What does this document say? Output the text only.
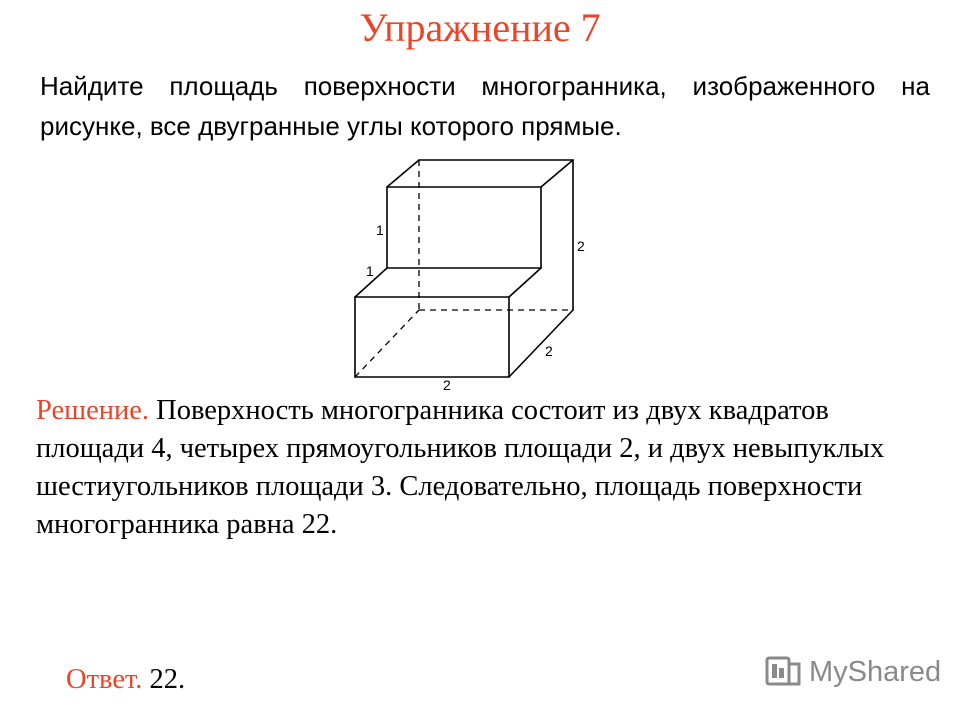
Упражнение 7
Найдите площадь поверхности многогранника, изображенного на рисунке, все двугранные углы которого прямые.
1
1
2
2
2
Решение. Поверхность многогранника состоит из двух квадратов площади 4, четырех прямоугольников площади 2, и двух невыпуклых шестиугольников площади 3. Следовательно, площадь поверхности многогранника равна 22.
Ответ. 22.	MyShared
